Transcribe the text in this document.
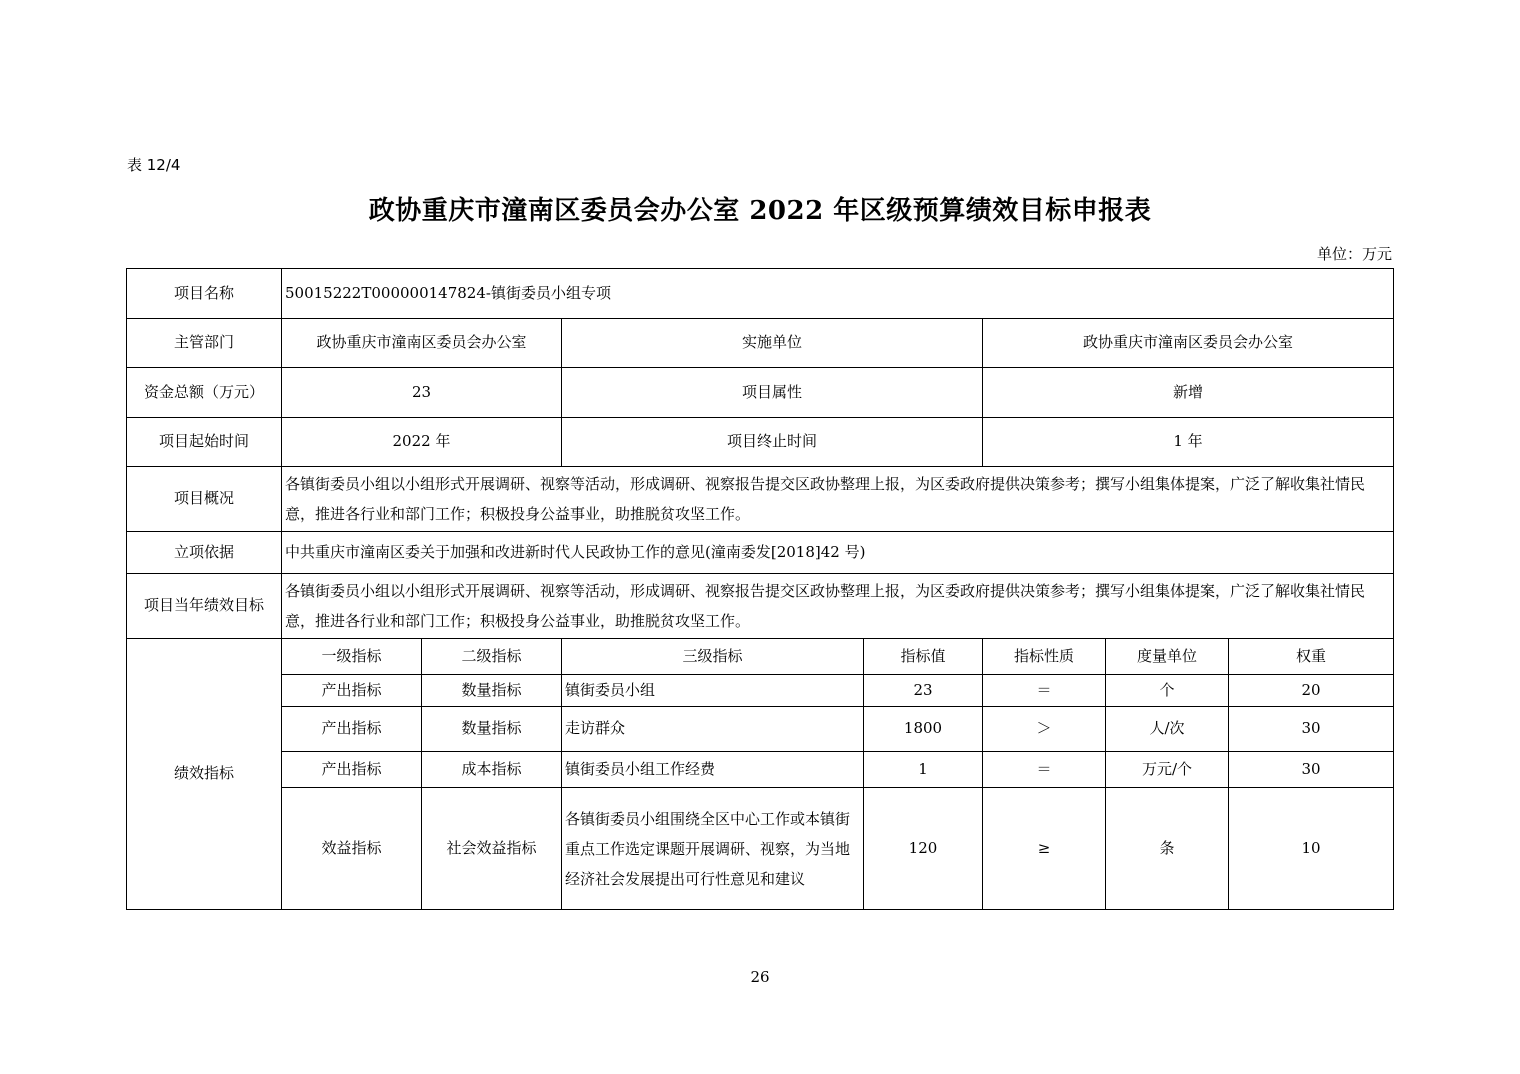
表 12/4
政协重庆市潼南区委员会办公室 2022 年区级预算绩效目标申报表
单位：万元
项目名称	50015222T000000147824-镇街委员小组专项						
主管部门	政协重庆市潼南区委员会办公室		实施单位		政协重庆市潼南区委员会办公室		
资金总额（万元）	23		项目属性		新增		
项目起始时间	2022 年		项目终止时间		1 年		
项目概况	各镇街委员小组以小组形式开展调研、视察等活动，形成调研、视察报告提交区政协整理上报，为区委政府提供决策参考；撰写小组集体提案，广泛了解收集社情民意，推进各行业和部门工作；积极投身公益事业，助推脱贫攻坚工作。						
立项依据	中共重庆市潼南区委关于加强和改进新时代人民政协工作的意见(潼南委发[2018]42 号)						
项目当年绩效目标	各镇街委员小组以小组形式开展调研、视察等活动，形成调研、视察报告提交区政协整理上报，为区委政府提供决策参考；撰写小组集体提案，广泛了解收集社情民意，推进各行业和部门工作；积极投身公益事业，助推脱贫攻坚工作。						
绩效指标	一级指标	二级指标	三级指标	指标值	指标性质	度量单位	权重
	产出指标	数量指标	镇街委员小组	23	＝	个	20
	产出指标	数量指标	走访群众	1800	＞	人/次	30
	产出指标	成本指标	镇街委员小组工作经费	1	＝	万元/个	30
	效益指标	社会效益指标	各镇街委员小组围绕全区中心工作或本镇街重点工作选定课题开展调研、视察，为当地经济社会发展提出可行性意见和建议	120	≥	条	10
26
